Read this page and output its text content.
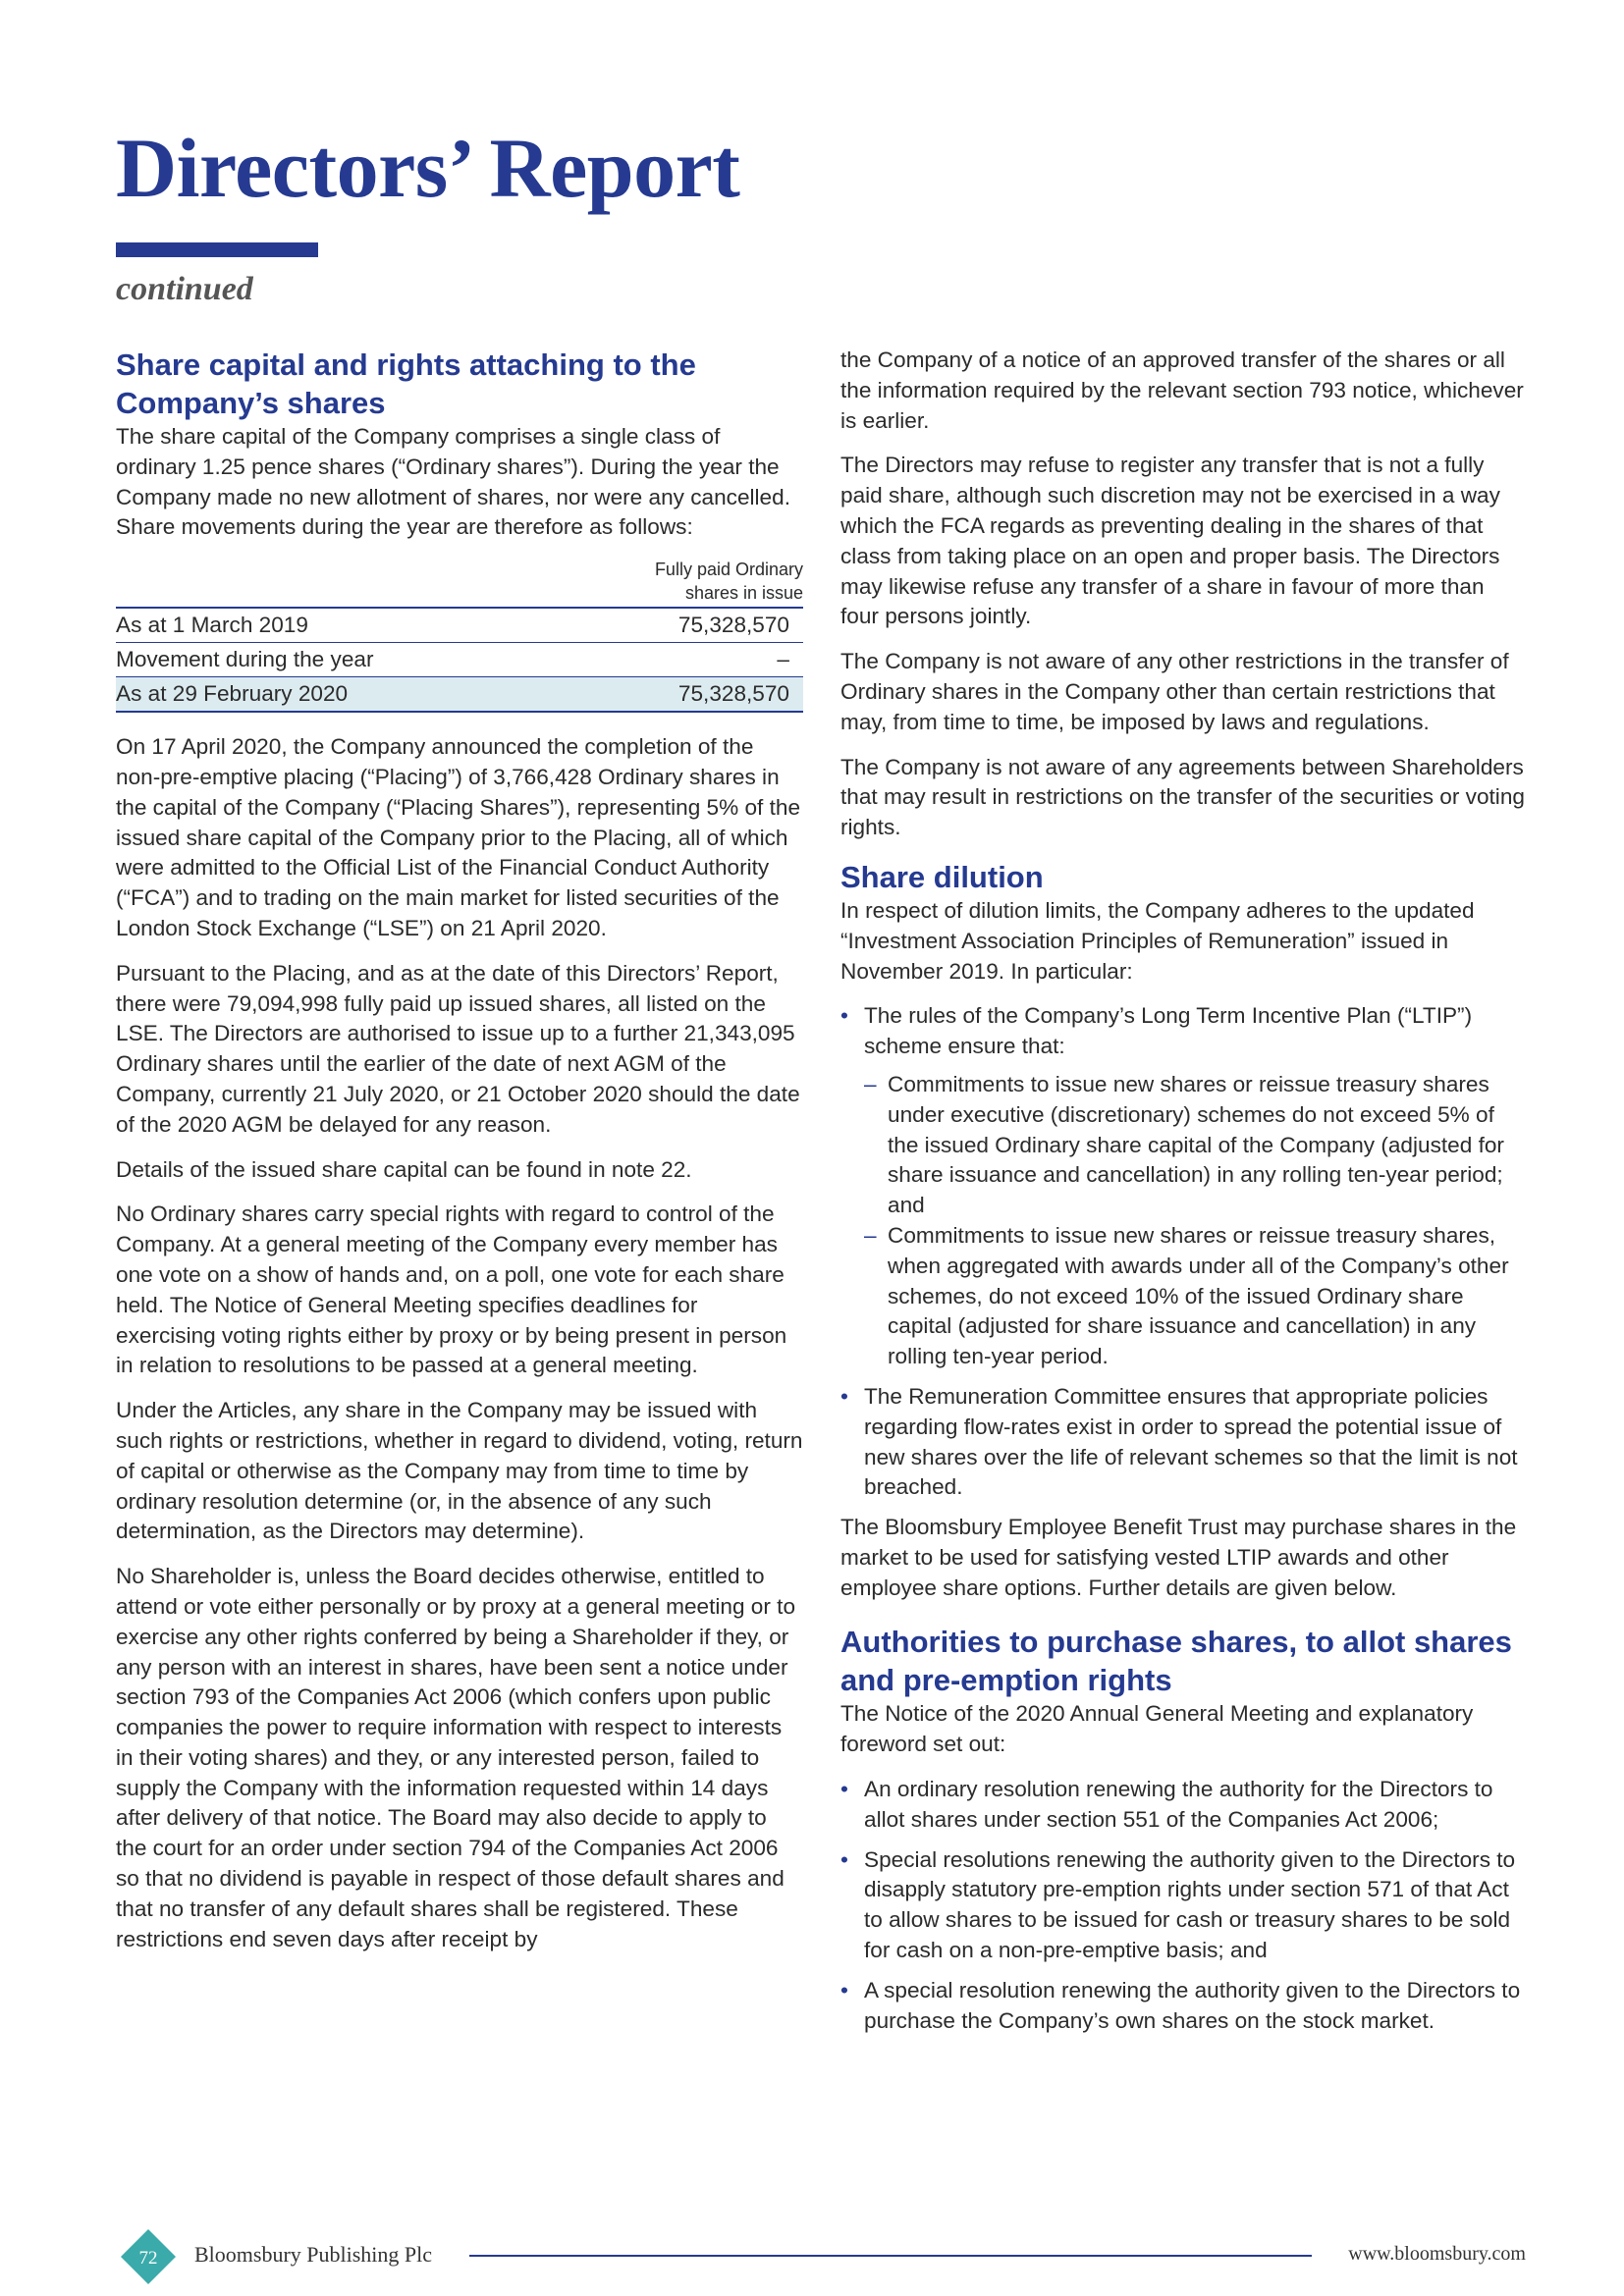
Directors’ Report
continued
Share capital and rights attaching to the Company’s shares

The share capital of the Company comprises a single class of ordinary 1.25 pence shares (“Ordinary shares”). During the year the Company made no new allotment of shares, nor were any cancelled. Share movements during the year are therefore as follows:

	Fully paid Ordinary
shares in issue
As at 1 March 2019	75,328,570
Movement during the year	–
As at 29 February 2020	75,328,570

On 17 April 2020, the Company announced the completion of the non-pre-emptive placing (“Placing”) of 3,766,428 Ordinary shares in the capital of the Company (“Placing Shares”), representing 5% of the issued share capital of the Company prior to the Placing, all of which were admitted to the Official List of the Financial Conduct Authority (“FCA”) and to trading on the main market for listed securities of the London Stock Exchange (“LSE”) on 21 April 2020.

Pursuant to the Placing, and as at the date of this Directors’ Report, there were 79,094,998 fully paid up issued shares, all listed on the LSE. The Directors are authorised to issue up to a further 21,343,095 Ordinary shares until the earlier of the date of next AGM of the Company, currently 21 July 2020, or 21 October 2020 should the date of the 2020 AGM be delayed for any reason.

Details of the issued share capital can be found in note 22.

No Ordinary shares carry special rights with regard to control of the Company. At a general meeting of the Company every member has one vote on a show of hands and, on a poll, one vote for each share held. The Notice of General Meeting specifies deadlines for exercising voting rights either by proxy or by being present in person in relation to resolutions to be passed at a general meeting.

Under the Articles, any share in the Company may be issued with such rights or restrictions, whether in regard to dividend, voting, return of capital or otherwise as the Company may from time to time by ordinary resolution determine (or, in the absence of any such determination, as the Directors may determine).

No Shareholder is, unless the Board decides otherwise, entitled to attend or vote either personally or by proxy at a general meeting or to exercise any other rights conferred by being a Shareholder if they, or any person with an interest in shares, have been sent a notice under section 793 of the Companies Act 2006 (which confers upon public companies the power to require information with respect to interests in their voting shares) and they, or any interested person, failed to supply the Company with the information requested within 14 days after delivery of that notice. The Board may also decide to apply to the court for an order under section 794 of the Companies Act 2006 so that no dividend is payable in respect of those default shares and that no transfer of any default shares shall be registered. These restrictions end seven days after receipt by

the Company of a notice of an approved transfer of the shares or all the information required by the relevant section 793 notice, whichever is earlier.

The Directors may refuse to register any transfer that is not a fully paid share, although such discretion may not be exercised in a way which the FCA regards as preventing dealing in the shares of that class from taking place on an open and proper basis. The Directors may likewise refuse any transfer of a share in favour of more than four persons jointly.

The Company is not aware of any other restrictions in the transfer of Ordinary shares in the Company other than certain restrictions that may, from time to time, be imposed by laws and regulations.

The Company is not aware of any agreements between Shareholders that may result in restrictions on the transfer of the securities or voting rights.

Share dilution

In respect of dilution limits, the Company adheres to the updated “Investment Association Principles of Remuneration” issued in November 2019. In particular:

• The rules of the Company’s Long Term Incentive Plan (“LTIP”) scheme ensure that:
– Commitments to issue new shares or reissue treasury shares under executive (discretionary) schemes do not exceed 5% of the issued Ordinary share capital of the Company (adjusted for share issuance and cancellation) in any rolling ten-year period; and
– Commitments to issue new shares or reissue treasury shares, when aggregated with awards under all of the Company’s other schemes, do not exceed 10% of the issued Ordinary share capital (adjusted for share issuance and cancellation) in any rolling ten-year period.
• The Remuneration Committee ensures that appropriate policies regarding flow-rates exist in order to spread the potential issue of new shares over the life of relevant schemes so that the limit is not breached.

The Bloomsbury Employee Benefit Trust may purchase shares in the market to be used for satisfying vested LTIP awards and other employee share options. Further details are given below.

Authorities to purchase shares, to allot shares and pre-emption rights

The Notice of the 2020 Annual General Meeting and explanatory foreword set out:

• An ordinary resolution renewing the authority for the Directors to allot shares under section 551 of the Companies Act 2006;
• Special resolutions renewing the authority given to the Directors to disapply statutory pre-emption rights under section 571 of that Act to allow shares to be issued for cash or treasury shares to be sold for cash on a non-pre-emptive basis; and
• A special resolution renewing the authority given to the Directors to purchase the Company’s own shares on the stock market.
72 Bloomsbury Publishing Plc	www.bloomsbury.com
